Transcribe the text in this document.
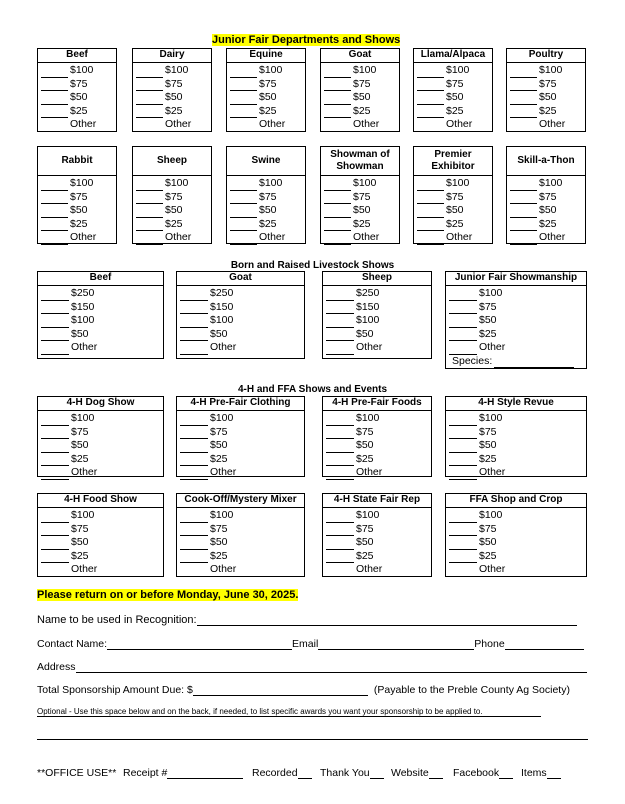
Junior Fair Departments and Shows
Born and Raised Livestock Shows
4-H and FFA Shows and Events
Beef
$100
$75
$50
$25
Other
Dairy
$100
$75
$50
$25
Other
Equine
$100
$75
$50
$25
Other
Goat
$100
$75
$50
$25
Other
Llama/Alpaca
$100
$75
$50
$25
Other
Poultry
$100
$75
$50
$25
Other
Rabbit
$100
$75
$50
$25
Other
Sheep
$100
$75
$50
$25
Other
Swine
$100
$75
$50
$25
Other
Showman of Showman
$100
$75
$50
$25
Other
Premier Exhibitor
$100
$75
$50
$25
Other
Skill-a-Thon
$100
$75
$50
$25
Other
Beef
$250
$150
$100
$50
Other
Goat
$250
$150
$100
$50
Other
Sheep
$250
$150
$100
$50
Other
Junior Fair Showmanship
$100
$75
$50
$25
Other
Species:
4-H Dog Show
$100
$75
$50
$25
Other
4-H Pre-Fair Clothing
$100
$75
$50
$25
Other
4-H Pre-Fair Foods
$100
$75
$50
$25
Other
4-H Style Revue
$100
$75
$50
$25
Other
4-H Food Show
$100
$75
$50
$25
Other
Cook-Off/Mystery Mixer
$100
$75
$50
$25
Other
4-H State Fair Rep
$100
$75
$50
$25
Other
FFA Shop and Crop
$100
$75
$50
$25
Other
Please return on or before Monday, June 30, 2025.
Name to be used in Recognition:
Contact Name:	Email	Phone
Address
Total Sponsorship Amount Due: $	(Payable to the Preble County Ag Society)
Optional - Use this space below and on the back, if needed, to list specific awards you want your sponsorship to be applied to.
**OFFICE USE** Receipt #	Recorded Thank You Website Facebook Items
